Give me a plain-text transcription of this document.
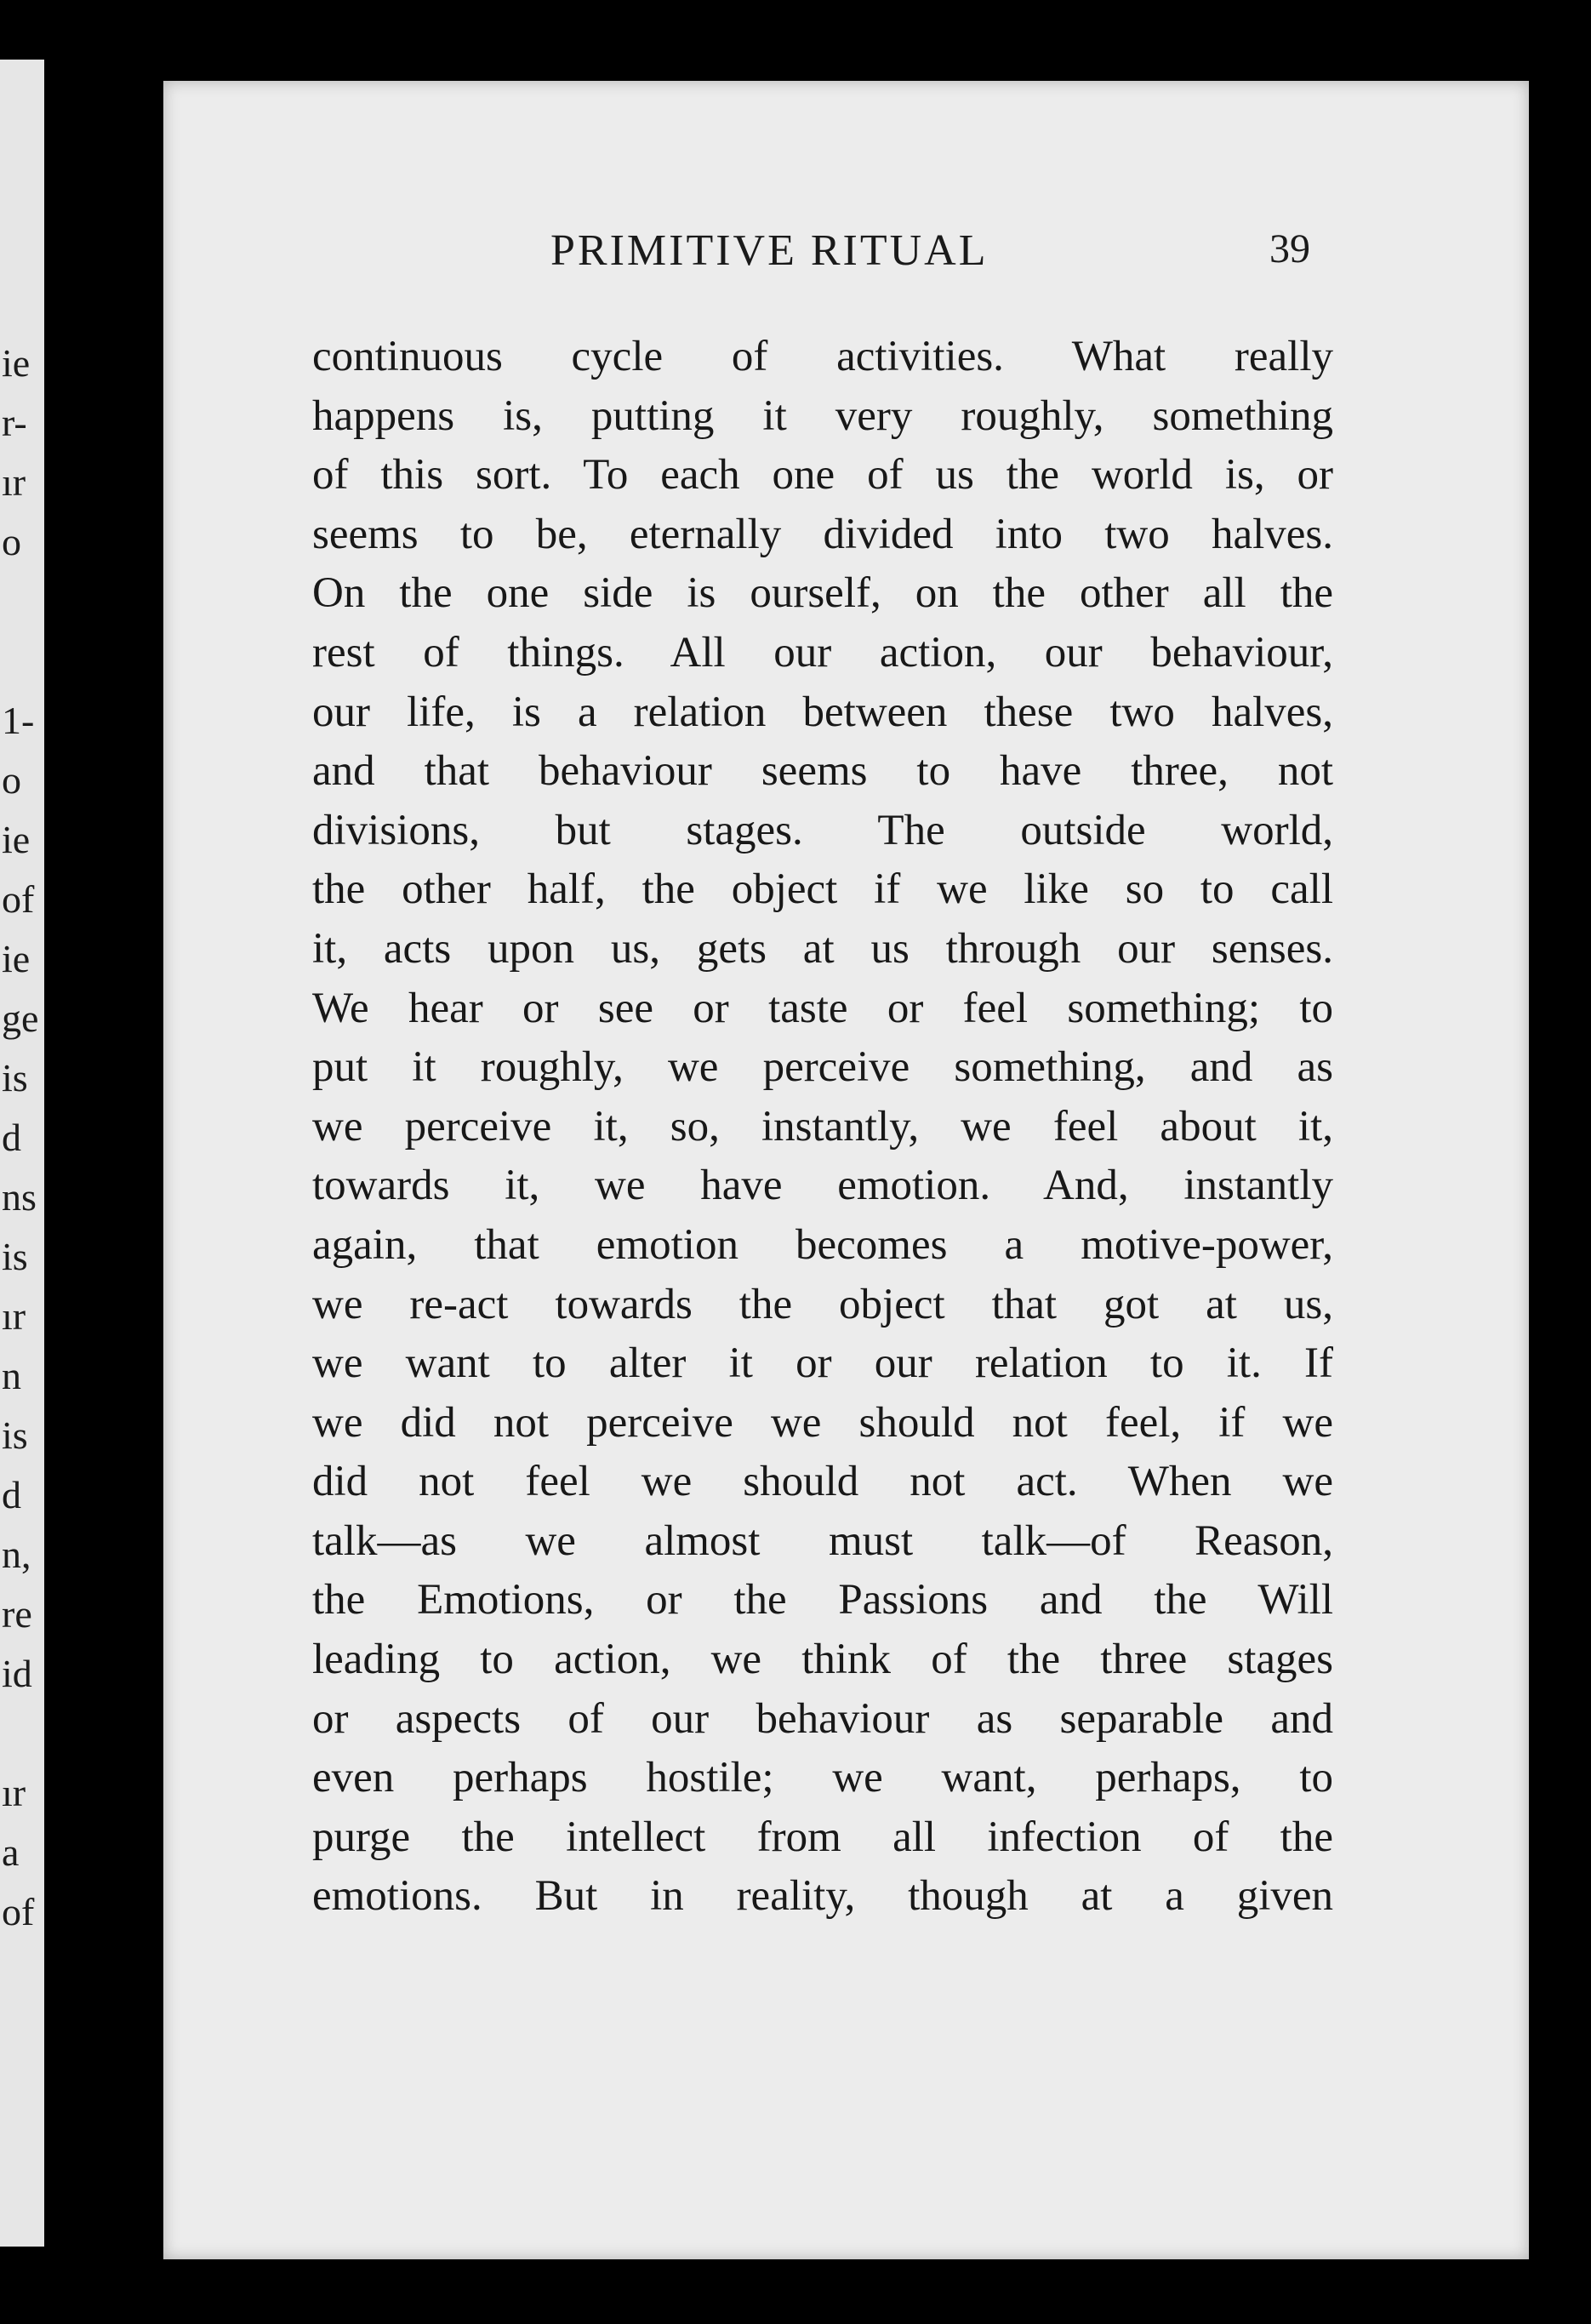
ie
r-
ır
o
1-
o
ie
of
ie
ge
is
d
ns
is
ır
n
is
d
n,
re
id
ır
a
of
PRIMITIVE RITUAL	39
continuous cycle of activities. What really
happens is, putting it very roughly, something
of this sort. To each one of us the world is, or
seems to be, eternally divided into two halves.
On the one side is ourself, on the other all the
rest of things. All our action, our behaviour,
our life, is a relation between these two halves,
and that behaviour seems to have three, not
divisions, but stages. The outside world,
the other half, the object if we like so to call
it, acts upon us, gets at us through our senses.
We hear or see or taste or feel something; to
put it roughly, we perceive something, and as
we perceive it, so, instantly, we feel about it,
towards it, we have emotion. And, instantly
again, that emotion becomes a motive-power,
we re-act towards the object that got at us,
we want to alter it or our relation to it. If
we did not perceive we should not feel, if we
did not feel we should not act. When we
talk—as we almost must talk—of Reason,
the Emotions, or the Passions and the Will
leading to action, we think of the three stages
or aspects of our behaviour as separable and
even perhaps hostile; we want, perhaps, to
purge the intellect from all infection of the
emotions. But in reality, though at a given
